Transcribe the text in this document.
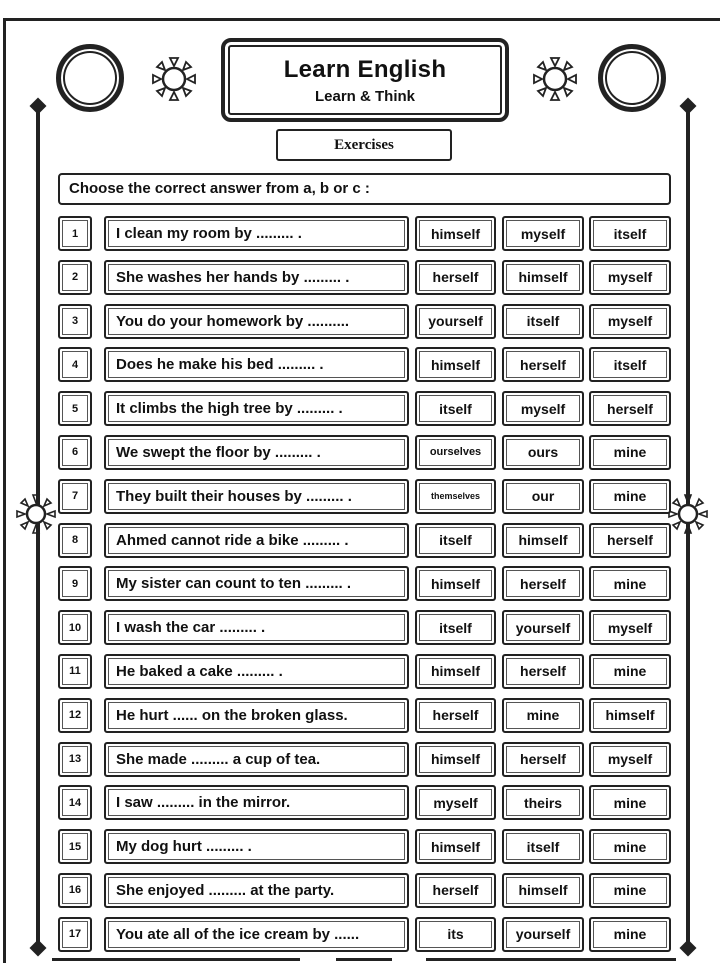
Learn English
Learn & Think
Exercises
Choose the correct answer from a, b or c :
1	I clean my room by ......... .	himself	myself	itself
2	She washes her hands by ......... .	herself	himself	myself
3	You do your homework by ..........	yourself	itself	myself
4	Does he make his bed ......... .	himself	herself	itself
5	It climbs the high tree by ......... .	itself	myself	herself
6	We swept the floor by ......... .	ourselves	ours	mine
7	They built their houses by ......... .	themselves	our	mine
8	Ahmed cannot ride a bike ......... .	itself	himself	herself
9	My sister can count to ten ......... .	himself	herself	mine
10	I wash the car ......... .	itself	yourself	myself
11	He baked a cake ......... .	himself	herself	mine
12	He hurt ...... on the broken glass.	herself	mine	himself
13	She made ......... a cup of tea.	himself	herself	myself
14	I saw ......... in the mirror.	myself	theirs	mine
15	My dog hurt ......... .	himself	itself	mine
16	She enjoyed ......... at the party.	herself	himself	mine
17	You ate all of the ice cream by ......	its	yourself	mine
